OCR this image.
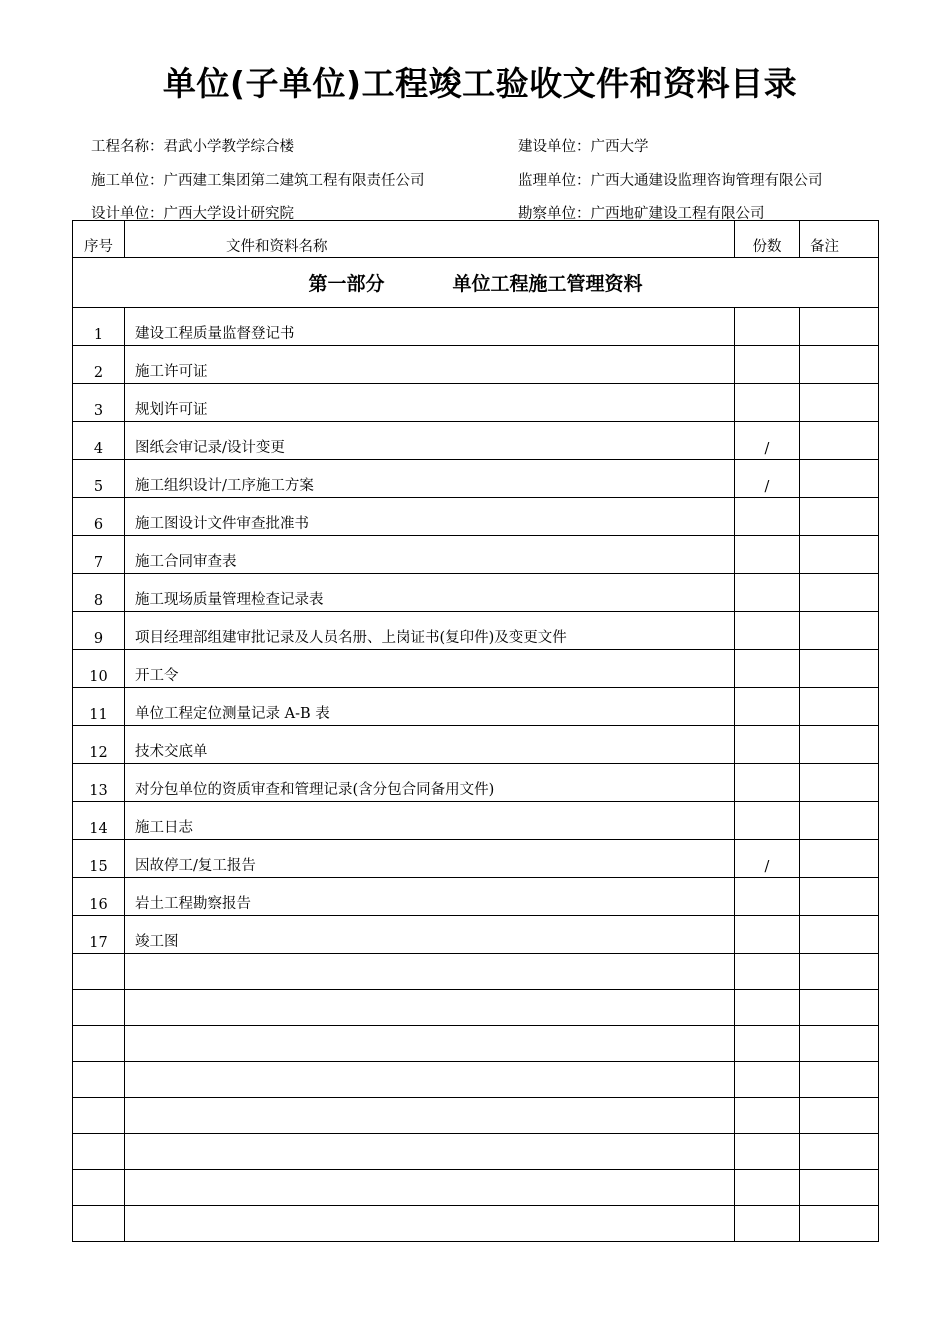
单位(子单位)工程竣工验收文件和资料目录
工程名称：君武小学教学综合楼	建设单位：广西大学
施工单位：广西建工集团第二建筑工程有限责任公司	监理单位：广西大通建设监理咨询管理有限公司
设计单位：广西大学设计研究院	勘察单位：广西地矿建设工程有限公司
序号	文件和资料名称	份数	备注
第一部分 单位工程施工管理资料			
1	建设工程质量监督登记书		
2	施工许可证		
3	规划许可证		
4	图纸会审记录/设计变更	/	
5	施工组织设计/工序施工方案	/	
6	施工图设计文件审查批准书		
7	施工合同审查表		
8	施工现场质量管理检查记录表		
9	项目经理部组建审批记录及人员名册、上岗证书(复印件)及变更文件		
10	开工令		
11	单位工程定位测量记录 A-B 表		
12	技术交底单		
13	对分包单位的资质审查和管理记录(含分包合同备用文件)		
14	施工日志		
15	因故停工/复工报告	/	
16	岩土工程勘察报告		
17	竣工图		
